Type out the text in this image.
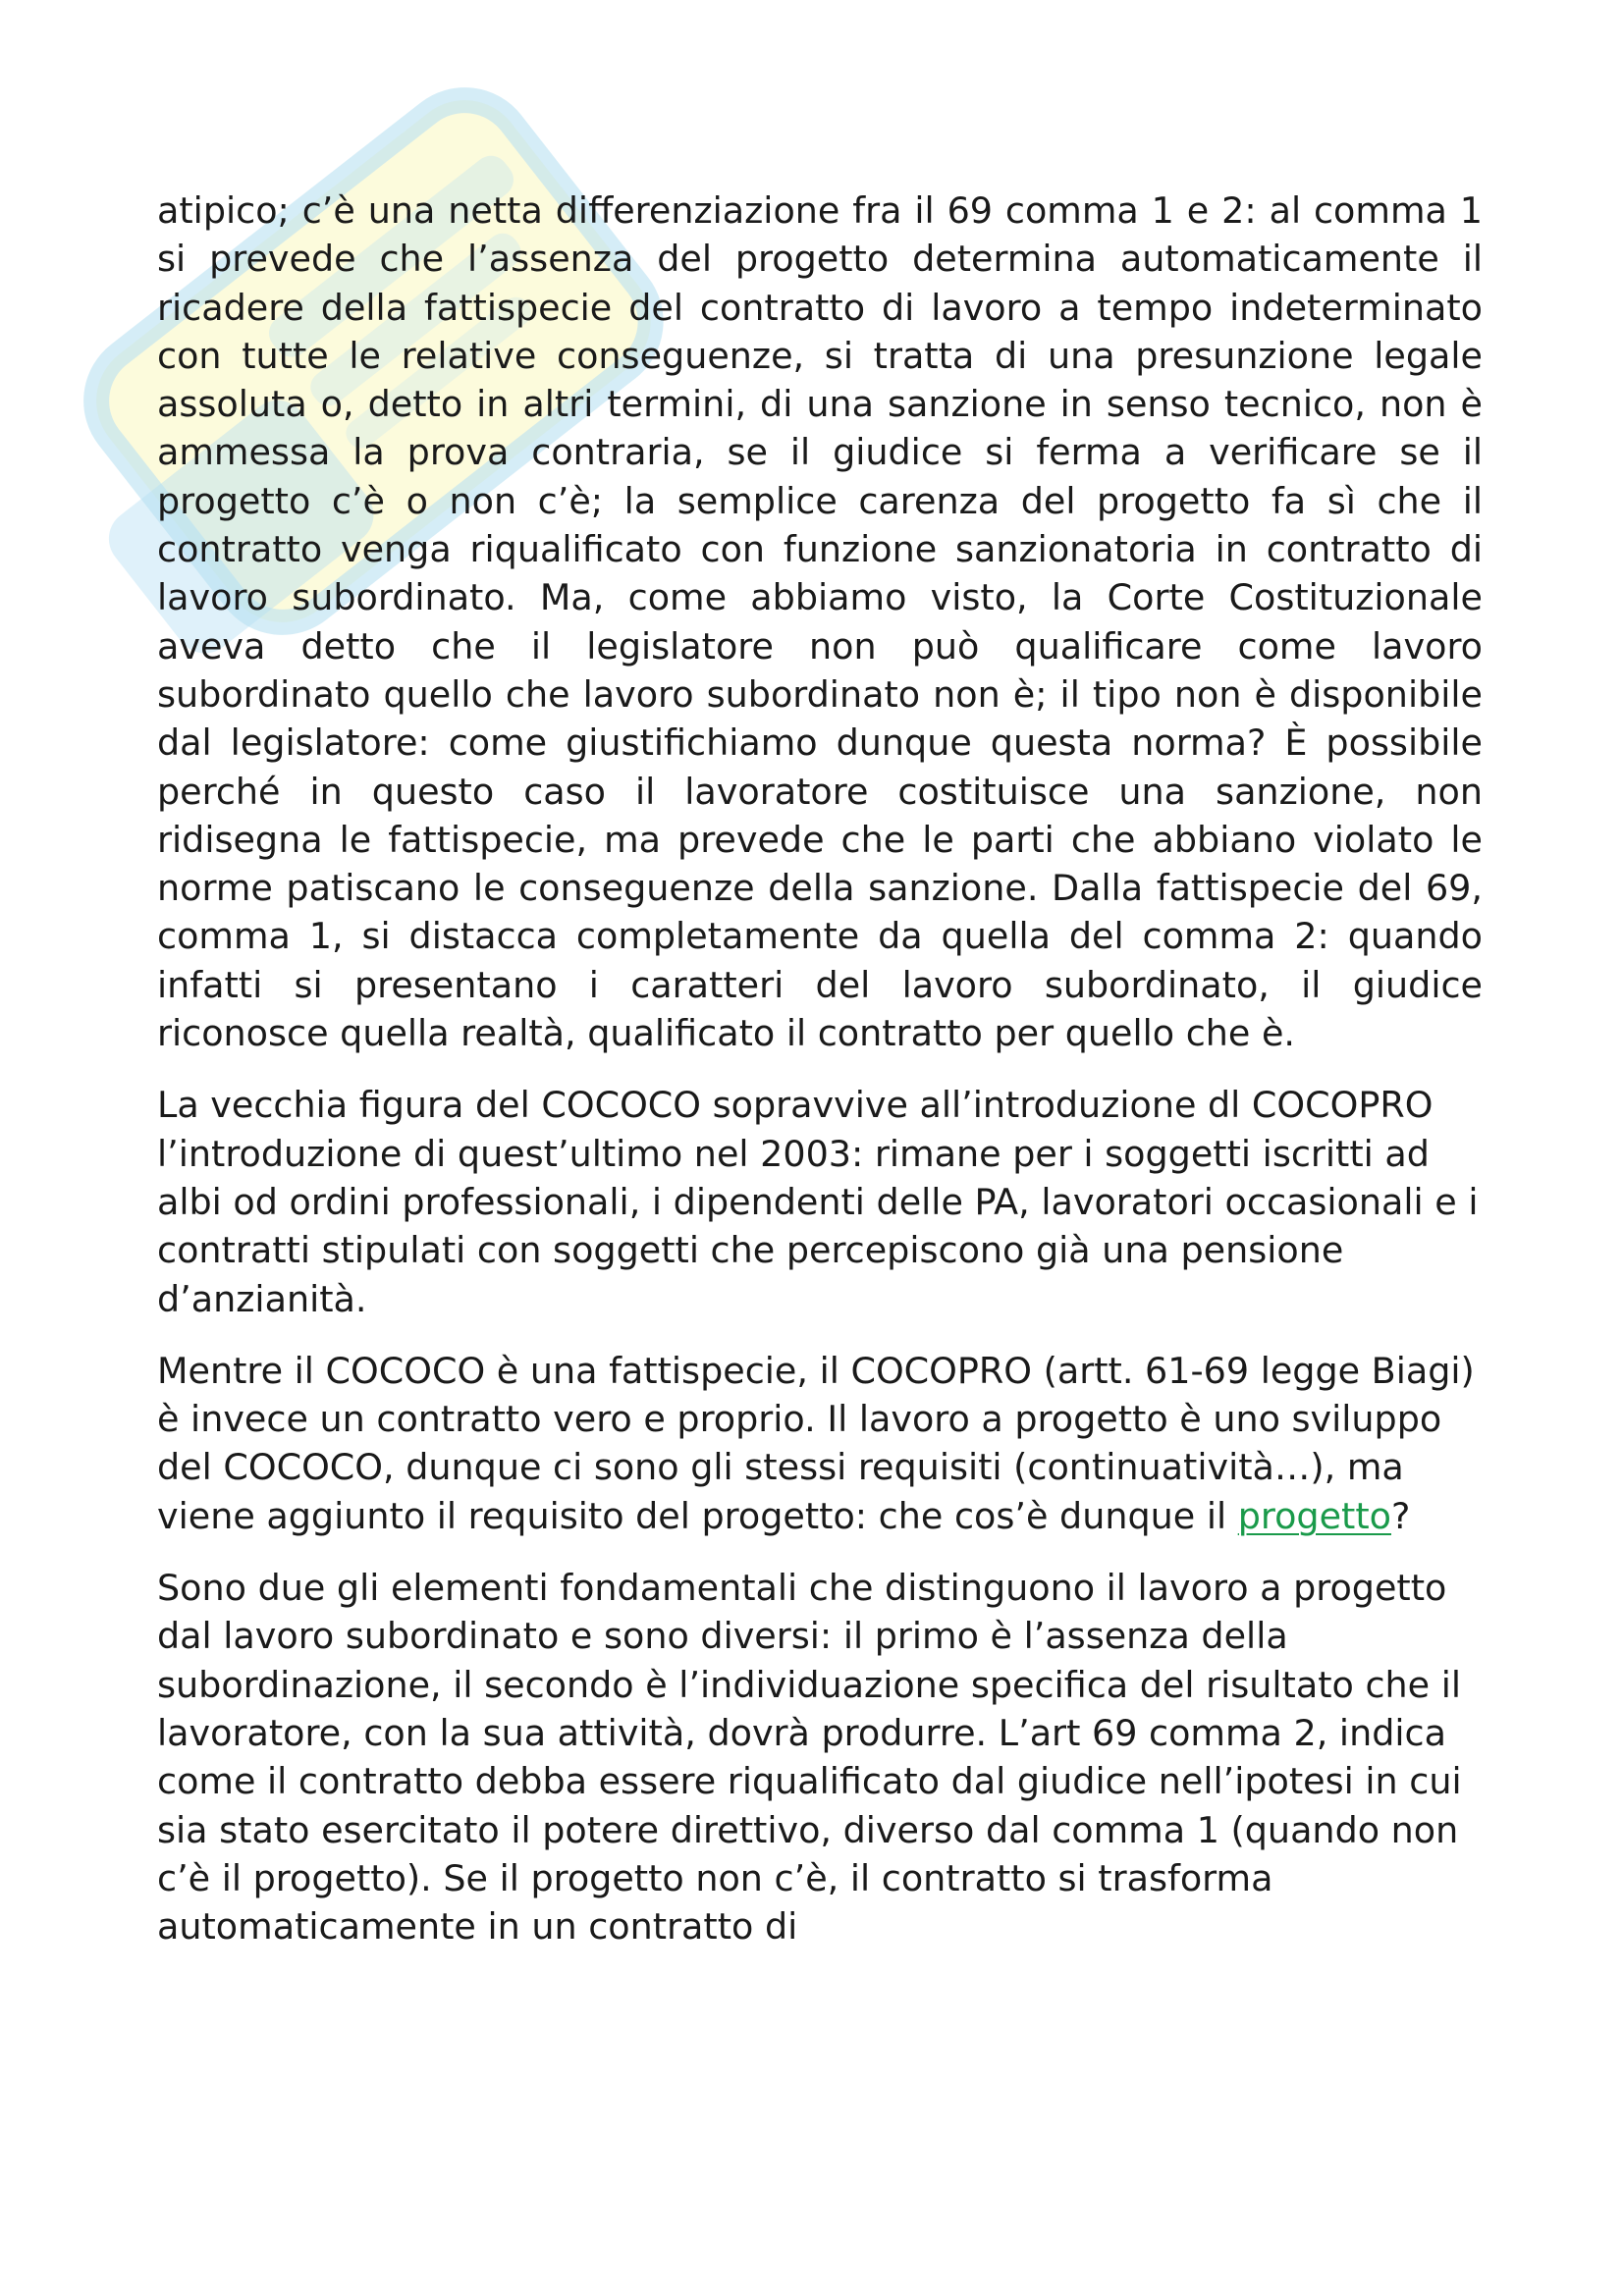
atipico; c’è una netta differenziazione fra il 69 comma 1 e 2: al comma 1 si prevede che l’assenza del progetto determina automaticamente il ricadere della fattispecie del contratto di lavoro a tempo indeterminato con tutte le relative conseguenze, si tratta di una presunzione legale assoluta o, detto in altri termini, di una sanzione in senso tecnico, non è ammessa la prova contraria, se il giudice si ferma a verificare se il progetto c’è o non c’è; la semplice carenza del progetto fa sì che il contratto venga riqualificato con funzione sanzionatoria in contratto di lavoro subordinato. Ma, come abbiamo visto, la Corte Costituzionale aveva detto che il legislatore non può qualificare come lavoro subordinato quello che lavoro subordinato non è; il tipo non è disponibile dal legislatore: come giustifichiamo dunque questa norma? È possibile perché in questo caso il lavoratore costituisce una sanzione, non ridisegna le fattispecie, ma prevede che le parti che abbiano violato le norme patiscano le conseguenze della sanzione. Dalla fattispecie del 69, comma 1, si distacca completamente da quella del comma 2: quando infatti si presentano i caratteri del lavoro subordinato, il giudice riconosce quella realtà, qualificato il contratto per quello che è.

La vecchia figura del COCOCO sopravvive all’introduzione dl COCOPRO l’introduzione di quest’ultimo nel 2003: rimane per i soggetti iscritti ad albi od ordini professionali, i dipendenti delle PA, lavoratori occasionali e i contratti stipulati con soggetti che percepiscono già una pensione d’anzianità.

Mentre il COCOCO è una fattispecie, il COCOPRO (artt. 61-69 legge Biagi) è invece un contratto vero e proprio. Il lavoro a progetto è uno sviluppo del COCOCO, dunque ci sono gli stessi requisiti (continuatività…), ma viene aggiunto il requisito del progetto: che cos’è dunque il progetto?

Sono due gli elementi fondamentali che distinguono il lavoro a progetto dal lavoro subordinato e sono diversi: il primo è l’assenza della subordinazione, il secondo è l’individuazione specifica del risultato che il lavoratore, con la sua attività, dovrà produrre. L’art 69 comma 2, indica come il contratto debba essere riqualificato dal giudice nell’ipotesi in cui sia stato esercitato il potere direttivo, diverso dal comma 1 (quando non c’è il progetto). Se il progetto non c’è, il contratto si trasforma automaticamente in un contratto di
